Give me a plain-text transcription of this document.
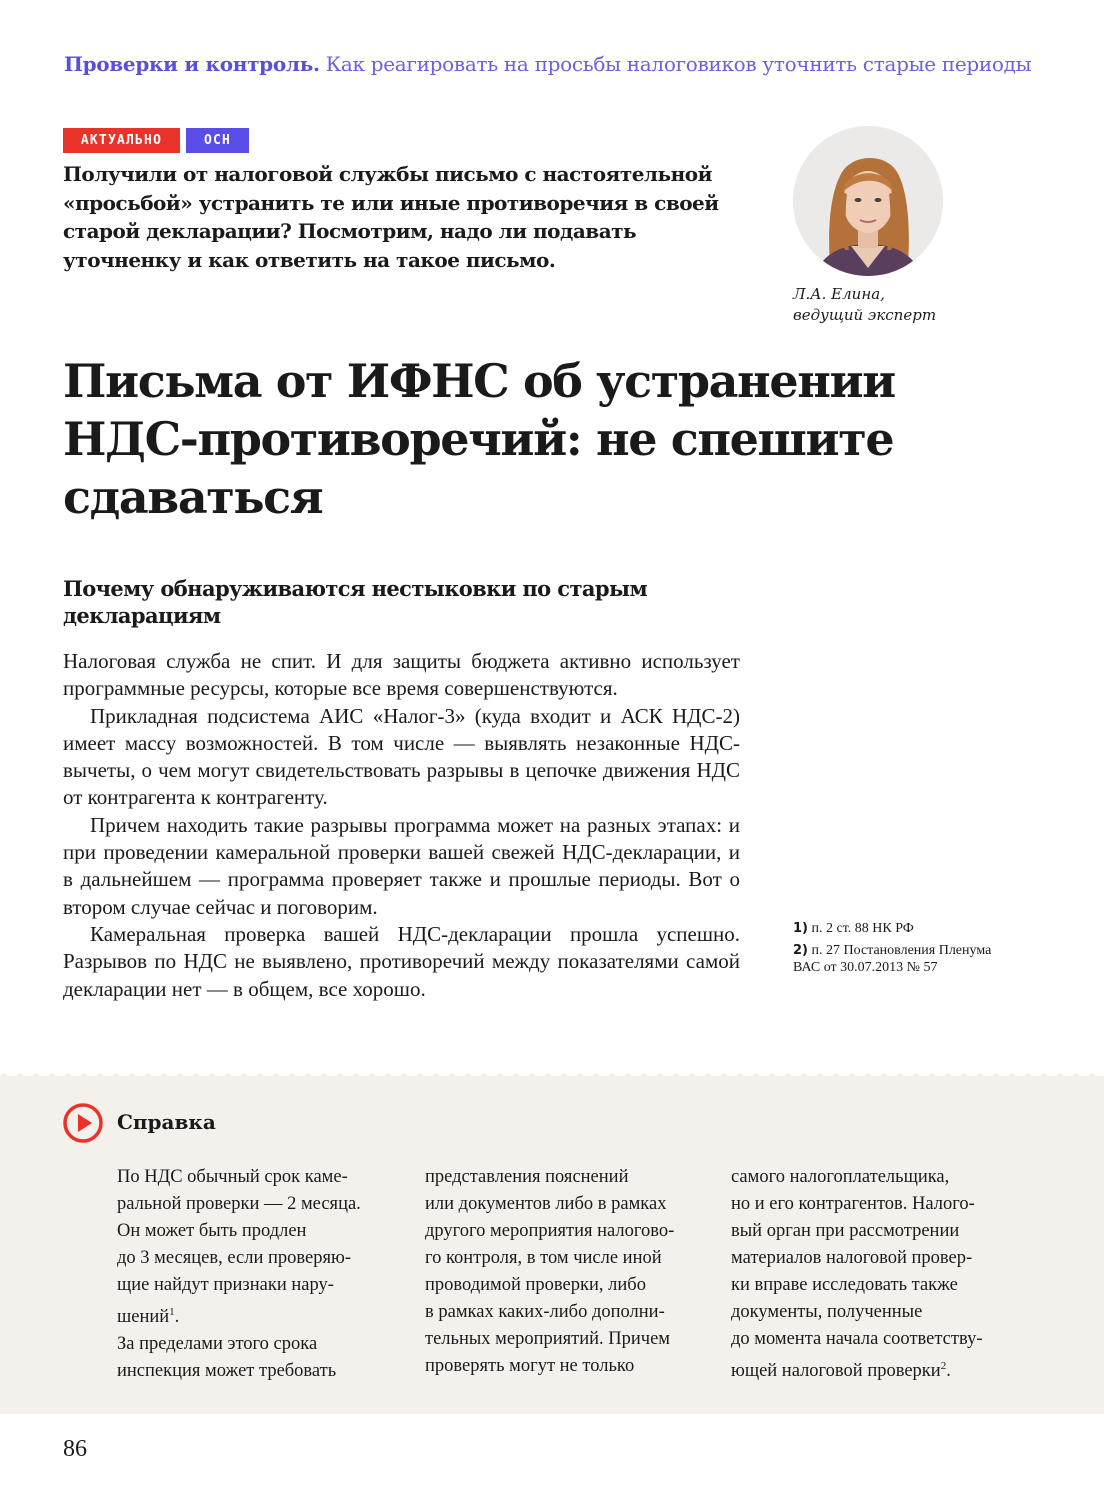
Проверки и контроль. Как реагировать на просьбы налоговиков уточнить старые периоды
АКТУАЛЬНО	ОСН
Получили от налоговой службы письмо с настоятельной «просьбой» устранить те или иные противоречия в своей старой декларации? Посмотрим, надо ли подавать уточненку и как ответить на такое письмо.
Л.А. Елина,
ведущий эксперт
Письма от ИФНС об устранении НДС-противоречий: не спешите сдаваться
Почему обнаруживаются нестыковки по старым декларациям

Налоговая служба не спит. И для защиты бюджета активно использует программные ресурсы, которые все время совершенствуются.

Прикладная подсистема АИС «Налог-3» (куда входит и АСК НДС-2) имеет массу возможностей. В том числе — выявлять незаконные НДС-вычеты, о чем могут свидетельствовать разрывы в цепочке движения НДС от контрагента к контрагенту.

Причем находить такие разрывы программа может на разных этапах: и при проведении камеральной проверки вашей свежей НДС-декларации, и в дальнейшем — программа проверяет также и прошлые периоды. Вот о втором случае сейчас и поговорим.

Камеральная проверка вашей НДС-декларации прошла успешно. Разрывов по НДС не выявлено, противоречий между показателями самой декларации нет — в общем, все хорошо.

1) п. 2 ст. 88 НК РФ
2) п. 27 Постановления Пленума ВАС от 30.07.2013 № 57
Справка
По НДС обычный срок каме-
ральной проверки — 2 месяца.
Он может быть продлен
до 3 месяцев, если проверяю-
щие найдут признаки нару-
шений$^1$.
За пределами этого срока
инспекция может требовать
представления пояснений
или документов либо в рамках
другого мероприятия налогово-
го контроля, в том числе иной
проводимой проверки, либо
в рамках каких-либо дополни-
тельных мероприятий. Причем
проверять могут не только
самого налогоплательщика,
но и его контрагентов. Налого-
вый орган при рассмотрении
материалов налоговой провер-
ки вправе исследовать также
документы, полученные
до момента начала соответству-
ющей налоговой проверки$^2$.
86
